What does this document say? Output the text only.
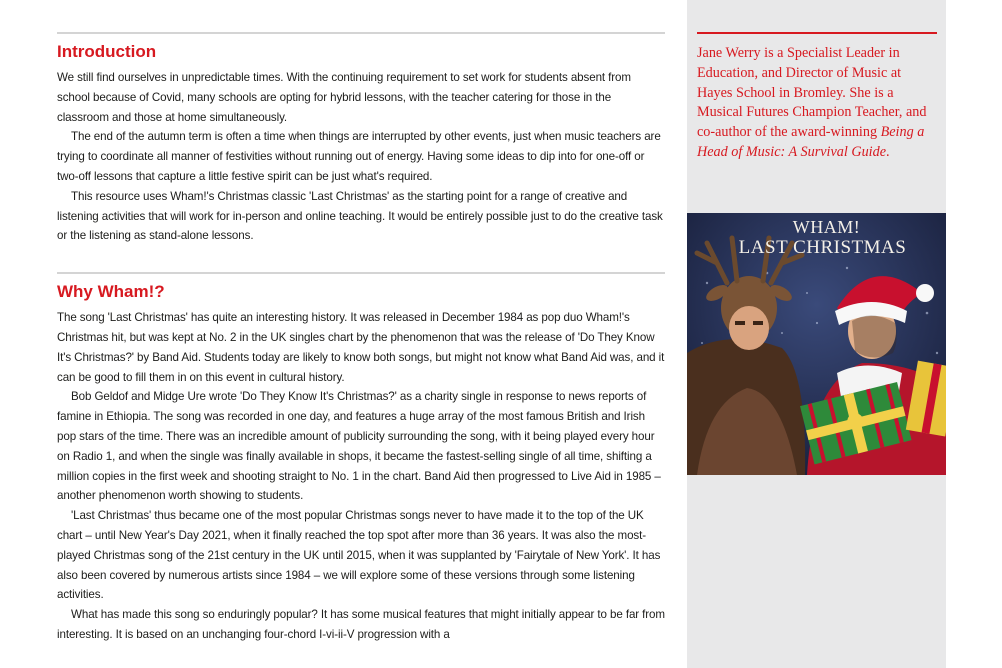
Introduction

We still find ourselves in unpredictable times. With the continuing requirement to set work for students absent from school because of Covid, many schools are opting for hybrid lessons, with the teacher catering for those in the classroom and those at home simultaneously.

The end of the autumn term is often a time when things are interrupted by other events, just when music teachers are trying to coordinate all manner of festivities without running out of energy. Having some ideas to dip into for one-off or two-off lessons that capture a little festive spirit can be just what's required.

This resource uses Wham!'s Christmas classic 'Last Christmas' as the starting point for a range of creative and listening activities that will work for in-person and online teaching. It would be entirely possible just to do the creative task or the listening as stand-alone lessons.

Why Wham!?

The song 'Last Christmas' has quite an interesting history. It was released in December 1984 as pop duo Wham!'s Christmas hit, but was kept at No. 2 in the UK singles chart by the phenomenon that was the release of 'Do They Know It's Christmas?' by Band Aid. Students today are likely to know both songs, but might not know what Band Aid was, and it can be good to fill them in on this event in cultural history.

Bob Geldof and Midge Ure wrote 'Do They Know It's Christmas?' as a charity single in response to news reports of famine in Ethiopia. The song was recorded in one day, and features a huge array of the most famous British and Irish pop stars of the time. There was an incredible amount of publicity surrounding the song, with it being played every hour on Radio 1, and when the single was finally available in shops, it became the fastest-selling single of all time, shifting a million copies in the first week and shooting straight to No. 1 in the chart. Band Aid then progressed to Live Aid in 1985 – another phenomenon worth showing to students.

'Last Christmas' thus became one of the most popular Christmas songs never to have made it to the top of the UK chart – until New Year's Day 2021, when it finally reached the top spot after more than 36 years. It was also the most-played Christmas song of the 21st century in the UK until 2015, when it was supplanted by 'Fairytale of New York'. It has also been covered by numerous artists since 1984 – we will explore some of these versions through some listening activities.

What has made this song so enduringly popular? It has some musical features that might initially appear to be far from interesting. It is based on an unchanging four-chord I-vi-ii-V progression with a

Jane Werry is a Specialist Leader in Education, and Director of Music at Hayes School in Bromley. She is a Musical Futures Champion Teacher, and co-author of the award-winning Being a Head of Music: A Survival Guide.

WHAM!
LAST CHRISTMAS
